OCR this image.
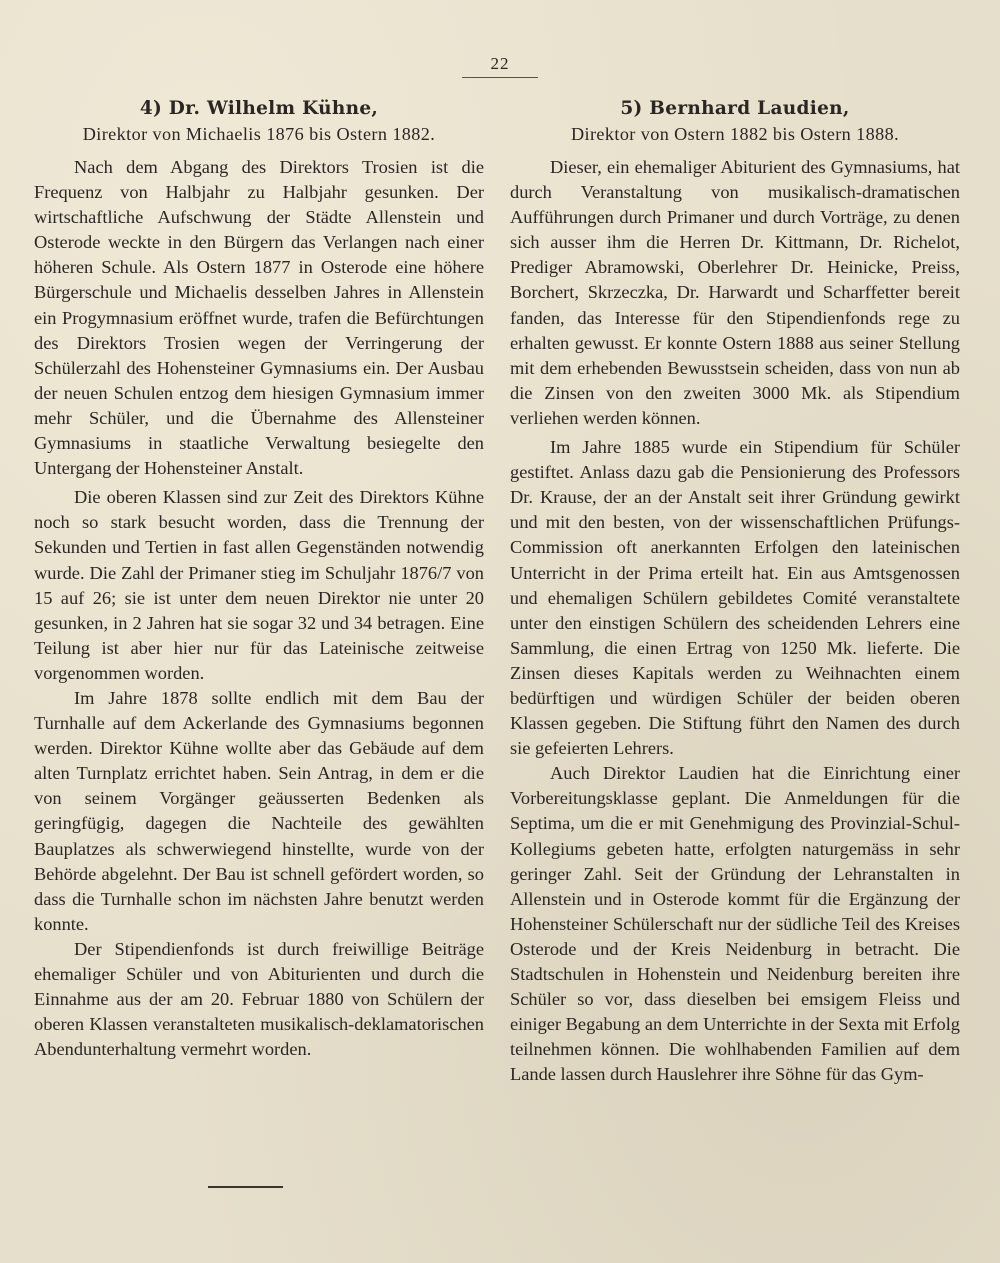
22
4) Dr. Wilhelm Kühne,
Direktor von Michaelis 1876 bis Ostern 1882.

Nach dem Abgang des Direktors Trosien ist die Frequenz von Halbjahr zu Halbjahr gesunken. Der wirtschaftliche Aufschwung der Städte Allenstein und Osterode weckte in den Bürgern das Verlangen nach einer höheren Schule. Als Ostern 1877 in Osterode eine höhere Bürgerschule und Michaelis desselben Jahres in Allenstein ein Progymnasium eröffnet wurde, trafen die Befürchtungen des Direktors Trosien wegen der Verringerung der Schülerzahl des Hohensteiner Gymnasiums ein. Der Ausbau der neuen Schulen entzog dem hiesigen Gymnasium immer mehr Schüler, und die Übernahme des Allensteiner Gymnasiums in staatliche Verwaltung besiegelte den Untergang der Hohensteiner Anstalt.

Die oberen Klassen sind zur Zeit des Direktors Kühne noch so stark besucht worden, dass die Trennung der Sekunden und Tertien in fast allen Gegenständen notwendig wurde. Die Zahl der Primaner stieg im Schuljahr 1876/7 von 15 auf 26; sie ist unter dem neuen Direktor nie unter 20 gesunken, in 2 Jahren hat sie sogar 32 und 34 betragen. Eine Teilung ist aber hier nur für das Lateinische zeitweise vorgenommen worden.

Im Jahre 1878 sollte endlich mit dem Bau der Turnhalle auf dem Ackerlande des Gymnasiums begonnen werden. Direktor Kühne wollte aber das Gebäude auf dem alten Turnplatz errichtet haben. Sein Antrag, in dem er die von seinem Vorgänger geäusserten Bedenken als geringfügig, dagegen die Nachteile des gewählten Bauplatzes als schwerwiegend hinstellte, wurde von der Behörde abgelehnt. Der Bau ist schnell gefördert worden, so dass die Turnhalle schon im nächsten Jahre benutzt werden konnte.

Der Stipendienfonds ist durch freiwillige Beiträge ehemaliger Schüler und von Abiturienten und durch die Einnahme aus der am 20. Februar 1880 von Schülern der oberen Klassen veranstalteten musikalisch-deklamatorischen Abendunterhaltung vermehrt worden.

5) Bernhard Laudien,
Direktor von Ostern 1882 bis Ostern 1888.

Dieser, ein ehemaliger Abiturient des Gymnasiums, hat durch Veranstaltung von musikalisch-dramatischen Aufführungen durch Primaner und durch Vorträge, zu denen sich ausser ihm die Herren Dr. Kittmann, Dr. Richelot, Prediger Abramowski, Oberlehrer Dr. Heinicke, Preiss, Borchert, Skrzeczka, Dr. Harwardt und Scharffetter bereit fanden, das Interesse für den Stipendienfonds rege zu erhalten gewusst. Er konnte Ostern 1888 aus seiner Stellung mit dem erhebenden Bewusstsein scheiden, dass von nun ab die Zinsen von den zweiten 3000 Mk. als Stipendium verliehen werden können.

Im Jahre 1885 wurde ein Stipendium für Schüler gestiftet. Anlass dazu gab die Pensionierung des Professors Dr. Krause, der an der Anstalt seit ihrer Gründung gewirkt und mit den besten, von der wissenschaftlichen Prüfungs-Commission oft anerkannten Erfolgen den lateinischen Unterricht in der Prima erteilt hat. Ein aus Amtsgenossen und ehemaligen Schülern gebildetes Comité veranstaltete unter den einstigen Schülern des scheidenden Lehrers eine Sammlung, die einen Ertrag von 1250 Mk. lieferte. Die Zinsen dieses Kapitals werden zu Weihnachten einem bedürftigen und würdigen Schüler der beiden oberen Klassen gegeben. Die Stiftung führt den Namen des durch sie gefeierten Lehrers.

Auch Direktor Laudien hat die Einrichtung einer Vorbereitungsklasse geplant. Die Anmeldungen für die Septima, um die er mit Genehmigung des Provinzial-Schul-Kollegiums gebeten hatte, erfolgten naturgemäss in sehr geringer Zahl. Seit der Gründung der Lehranstalten in Allenstein und in Osterode kommt für die Ergänzung der Hohensteiner Schülerschaft nur der südliche Teil des Kreises Osterode und der Kreis Neidenburg in betracht. Die Stadtschulen in Hohenstein und Neidenburg bereiten ihre Schüler so vor, dass dieselben bei emsigem Fleiss und einiger Begabung an dem Unterrichte in der Sexta mit Erfolg teilnehmen können. Die wohlhabenden Familien auf dem Lande lassen durch Hauslehrer ihre Söhne für das Gym-
